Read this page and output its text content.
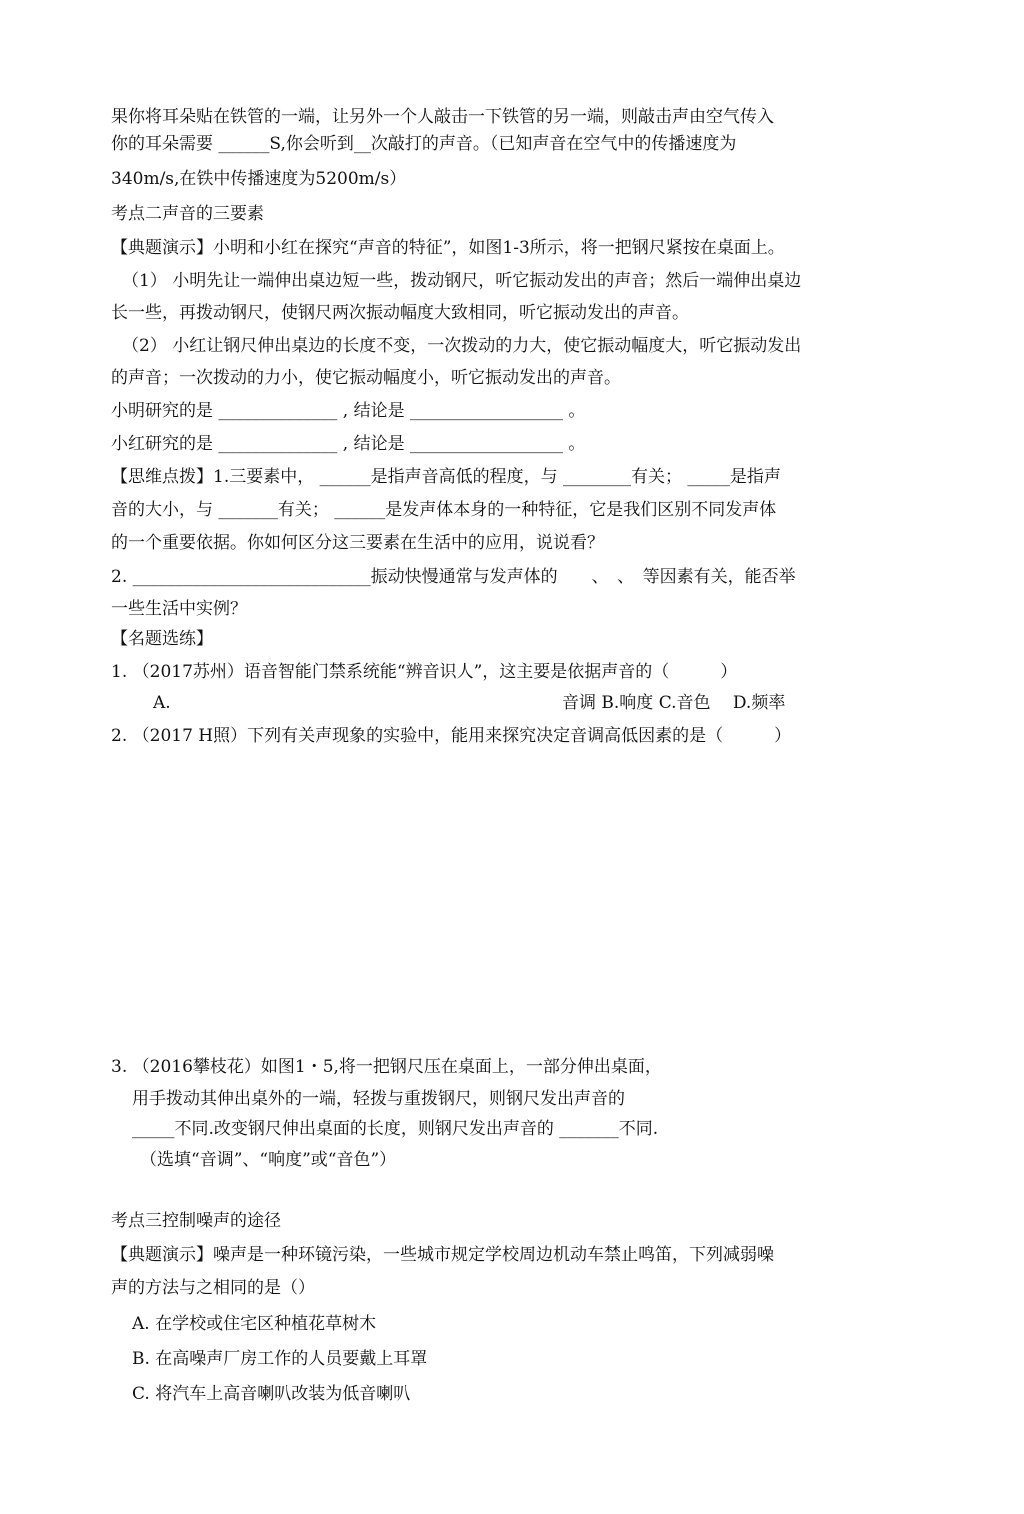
果你将耳朵贴在铁管的一端，让另外一个人敲击一下铁管的另一端，则敲击声由空气传入
你的耳朵需要 ______S,你会听到__次敲打的声音。（已知声音在空气中的传播速度为
340m/s,在铁中传播速度为5200m/s）
考点二声音的三要素
【典题演示】小明和小红在探究“声音的特征”，如图1-3所示，将一把钢尺紧按在桌面上。
（1） 小明先让一端伸出桌边短一些，拨动钢尺，听它振动发出的声音；然后一端伸出桌边
长一些，再拨动钢尺，使钢尺两次振动幅度大致相同，听它振动发出的声音。
（2） 小红让钢尺伸出桌边的长度不变，一次拨动的力大，使它振动幅度大，听它振动发出
的声音；一次拨动的力小，使它振动幅度小，听它振动发出的声音。
小明研究的是 ______________ , 结论是 __________________ 。
小红研究的是 ______________ , 结论是 __________________ 。
【思维点拨】1.三要素中， ______是指声音高低的程度，与 ________有关； _____是指声
音的大小，与 _______有关； ______是发声体本身的一种特征，它是我们区别不同发声体
的一个重要依据。你如何区分这三要素在生活中的应用，说说看？
2. ____________________________振动快慢通常与发声体的　　、　、　等因素有关，能否举
一些生活中实例？
【名题选练】
1. （2017苏州）语音智能门禁系统能“辨音识人”，这主要是依据声音的（　　　）
A.	音调 B.响度 C.音色　 D.频率
2. （2017 H照）下列有关声现象的实验中，能用来探究决定音调高低因素的是（　　　）
3. （2016攀枝花）如图1・5,将一把钢尺压在桌面上，一部分伸出桌面，
用手拨动其伸出桌外的一端，轻拨与重拨钢尺，则钢尺发出声音的
_____不同.改变钢尺伸出桌面的长度，则钢尺发出声音的 _______不同.
（选填“音调”、“响度”或“音色”）
考点三控制噪声的途径
【典题演示】噪声是一种环镜污染，一些城市规定学校周边机动车禁止鸣笛，下列减弱噪
声的方法与之相同的是（）
A. 在学校或住宅区种植花草树木
B. 在高噪声厂房工作的人员要戴上耳罩
C. 将汽车上高音喇叭改装为低音喇叭
